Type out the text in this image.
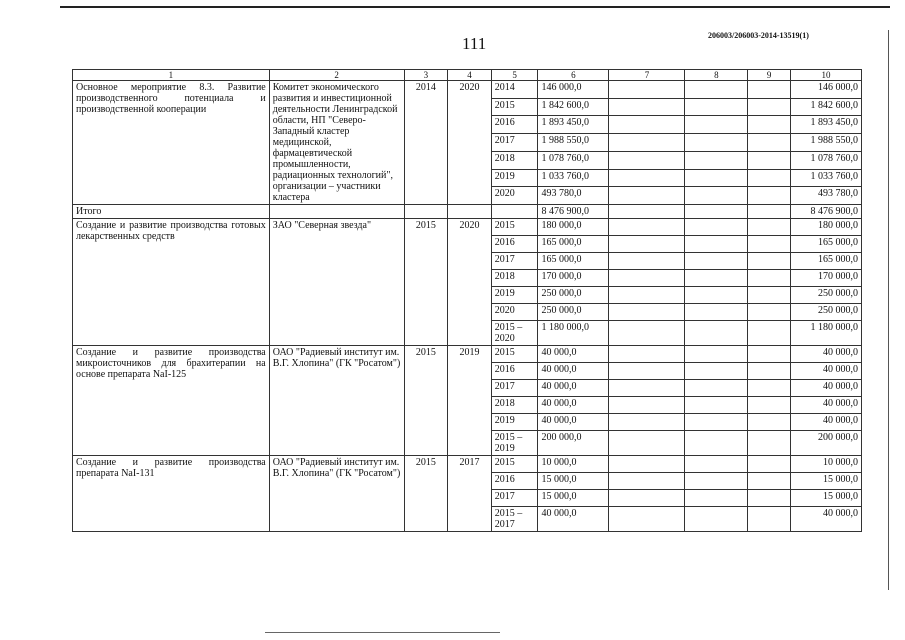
111	206003/206003-2014-13519(1)
1	2	3	4	5	6	7	8	9	10
Основное мероприятие 8.3. Развитие производственного потенциала и производственной кооперации	Комитет экономического развития и инвестиционной деятельности Ленинградской области, НП "Северо-Западный кластер медицинской, фармацевтической промышленности, радиационных технологий", организации – участники кластера	2014	2020	2014	146 000,0				146 000,0
				2015	1 842 600,0				1 842 600,0
				2016	1 893 450,0				1 893 450,0
				2017	1 988 550,0				1 988 550,0
				2018	1 078 760,0				1 078 760,0
				2019	1 033 760,0				1 033 760,0
				2020	493 780,0				493 780,0
Итого					8 476 900,0				8 476 900,0
Создание и развитие производства готовых лекарственных средств	ЗАО "Северная звезда"	2015	2020	2015	180 000,0				180 000,0
				2016	165 000,0				165 000,0
				2017	165 000,0				165 000,0
				2018	170 000,0				170 000,0
				2019	250 000,0				250 000,0
				2020	250 000,0				250 000,0
				2015 – 2020	1 180 000,0				1 180 000,0
Создание и развитие производства микроисточников для брахитерапии на основе препарата NaI-125	ОАО "Радиевый институт им. В.Г. Хлопина" (ГК "Росатом")	2015	2019	2015	40 000,0				40 000,0
				2016	40 000,0				40 000,0
				2017	40 000,0				40 000,0
				2018	40 000,0				40 000,0
				2019	40 000,0				40 000,0
				2015 – 2019	200 000,0				200 000,0
Создание и развитие производства препарата NaI-131	ОАО "Радиевый институт им. В.Г. Хлопина" (ГК "Росатом")	2015	2017	2015	10 000,0				10 000,0
				2016	15 000,0				15 000,0
				2017	15 000,0				15 000,0
				2015 – 2017	40 000,0				40 000,0
